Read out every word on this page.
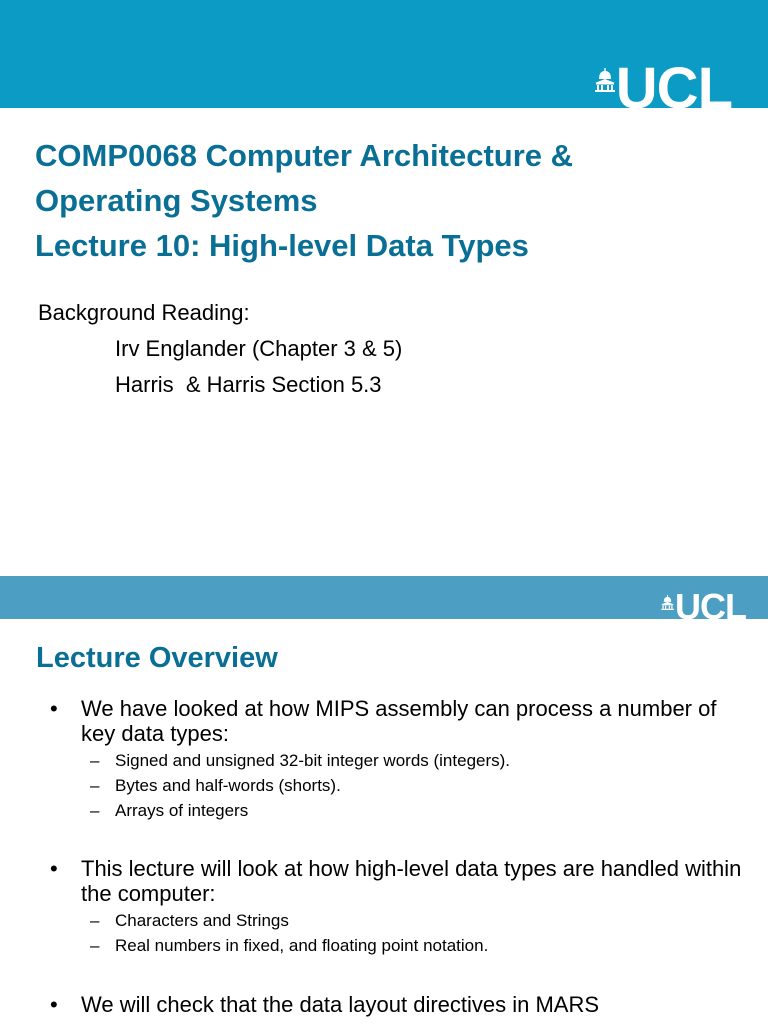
UCL
COMP0068 Computer Architecture &
Operating Systems
Lecture 10: High-level Data Types
Background Reading:
Irv Englander (Chapter 3 & 5)
Harris  & Harris Section 5.3
UCL
Lecture Overview
• We have looked at how MIPS assembly can process a number of key data types:
– Signed and unsigned 32-bit integer words (integers).
– Bytes and half-words (shorts).
– Arrays of integers
• This lecture will look at how high-level data types are handled within the computer:
– Characters and Strings
– Real numbers in fixed, and floating point notation.
• We will check that the data layout directives in MARS
